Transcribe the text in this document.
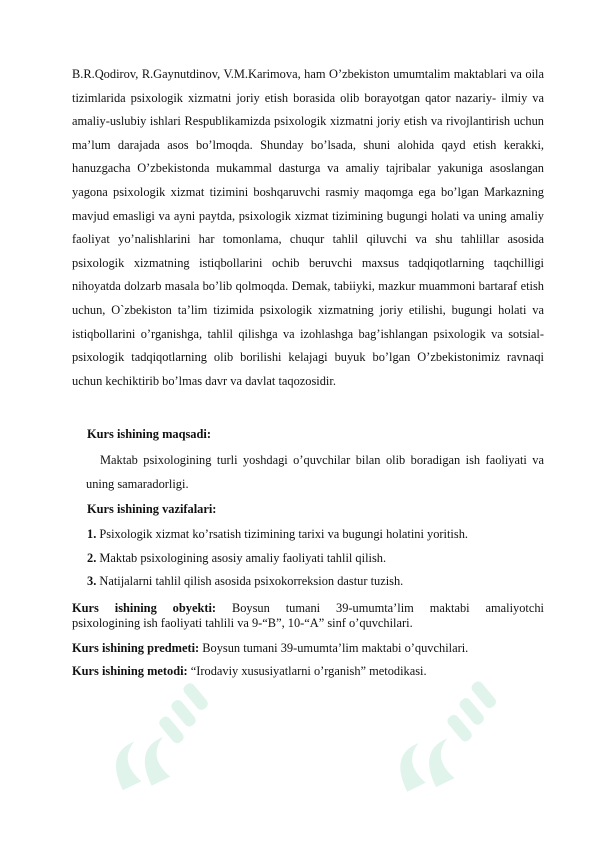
B.R.Qodirov, R.Gaynutdinov, V.M.Karimova, ham O’zbekiston umumtalim maktablari va oila tizimlarida psixologik xizmatni joriy etish borasida olib borayotgan qator nazariy- ilmiy va amaliy-uslubiy ishlari Respublikamizda psixologik xizmatni joriy etish va rivojlantirish uchun ma’lum darajada asos bo’lmoqda. Shunday bo’lsada, shuni alohida qayd etish kerakki, hanuzgacha O’zbekistonda mukammal dasturga va amaliy tajribalar yakuniga asoslangan yagona psixologik xizmat tizimini boshqaruvchi rasmiy maqomga ega bo’lgan Markazning mavjud emasligi va ayni paytda, psixologik xizmat tizimining bugungi holati va uning amaliy faoliyat yo’nalishlarini har tomonlama, chuqur tahlil qiluvchi va shu tahlillar asosida psixologik xizmatning istiqbollarini ochib beruvchi maxsus tadqiqotlarning taqchilligi nihoyatda dolzarb masala bo’lib qolmoqda. Demak, tabiiyki, mazkur muammoni bartaraf etish uchun, O`zbekiston ta’lim tizimida psixologik xizmatning joriy etilishi, bugungi holati va istiqbollarini o’rganishga, tahlil qilishga va izohlashga bag’ishlangan psixologik va sotsial-psixologik tadqiqotlarning olib borilishi kelajagi buyuk bo’lgan O’zbekistonimiz ravnaqi uchun kechiktirib bo’lmas davr va davlat taqozosidir.

Kurs ishining maqsadi:

Maktab psixologining turli yoshdagi o’quvchilar bilan olib boradigan ish faoliyati va uning samaradorligi.

Kurs ishining vazifalari:

1. Psixologik xizmat ko’rsatish tizimining tarixi va bugungi holatini yoritish.

2. Maktab psixologining asosiy amaliy faoliyati tahlil qilish.

3. Natijalarni tahlil qilish asosida psixokorreksion dastur tuzish.

Kurs ishining obyekti: Boysun tumani 39-umumta’lim maktabi amaliyotchi
psixologining ish faoliyati tahlili va 9-“B”, 10-“A” sinf o’quvchilari.

Kurs ishining predmeti: Boysun tumani 39-umumta’lim maktabi o’quvchilari.

Kurs ishining metodi: “Irodaviy xususiyatlarni o’rganish” metodikasi.
